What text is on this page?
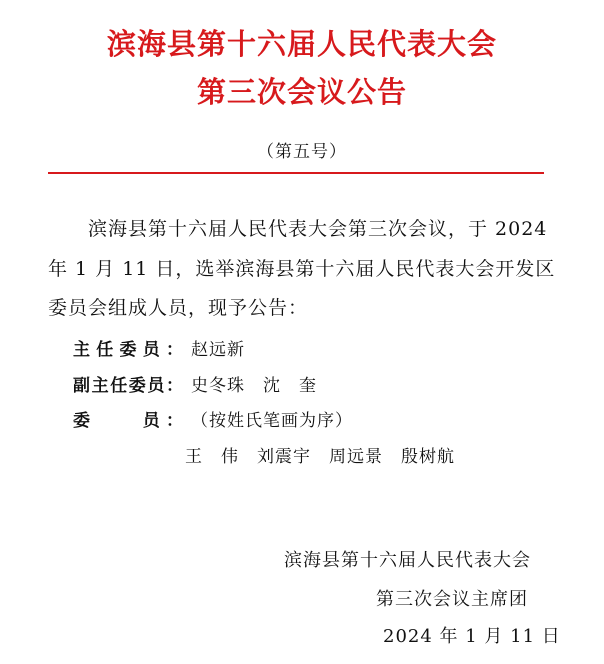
滨海县第十六届人民代表大会
第三次会议公告
（第五号）
滨海县第十六届人民代表大会第三次会议，于 2024
年 1 月 11 日，选举滨海县第十六届人民代表大会开发区
委员会组成人员，现予公告：
主任委员： 赵远新
副主任委员： 史冬珠　沈　奎
委　　员： （按姓氏笔画为序）
王　伟　刘震宇　周远景　殷树航
滨海县第十六届人民代表大会
第三次会议主席团
2024 年 1 月 11 日
